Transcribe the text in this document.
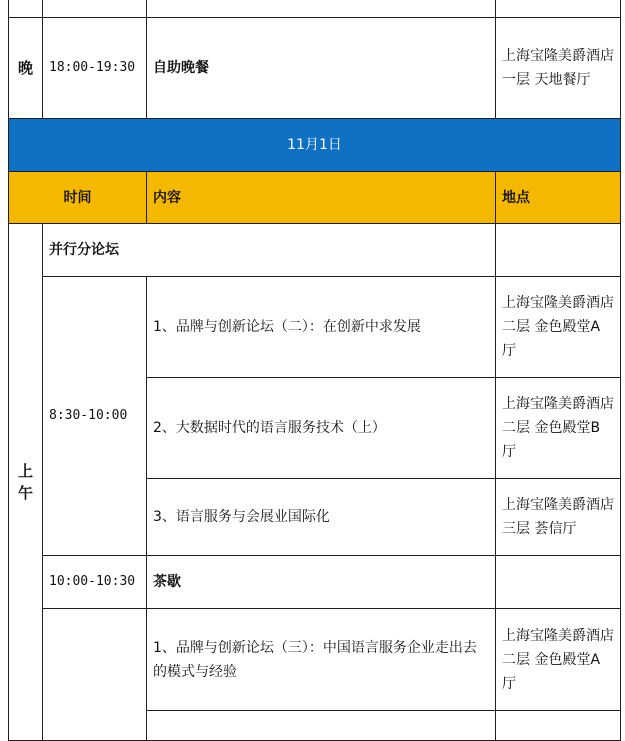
晚	18:00-19:30	自助晚餐	上海宝隆美爵酒店一层 天地餐厅
11月1日			
时间		内容	地点
上午	并行分论坛		
	8:30-10:00	1、品牌与创新论坛（二）：在创新中求发展	上海宝隆美爵酒店二层 金色殿堂A厅
		2、大数据时代的语言服务技术（上）	上海宝隆美爵酒店二层 金色殿堂B厅
		3、语言服务与会展业国际化	上海宝隆美爵酒店三层 荟信厅
	10:00-10:30	茶歇	
		1、品牌与创新论坛（三）：中国语言服务企业走出去的模式与经验	上海宝隆美爵酒店二层 金色殿堂A厅
